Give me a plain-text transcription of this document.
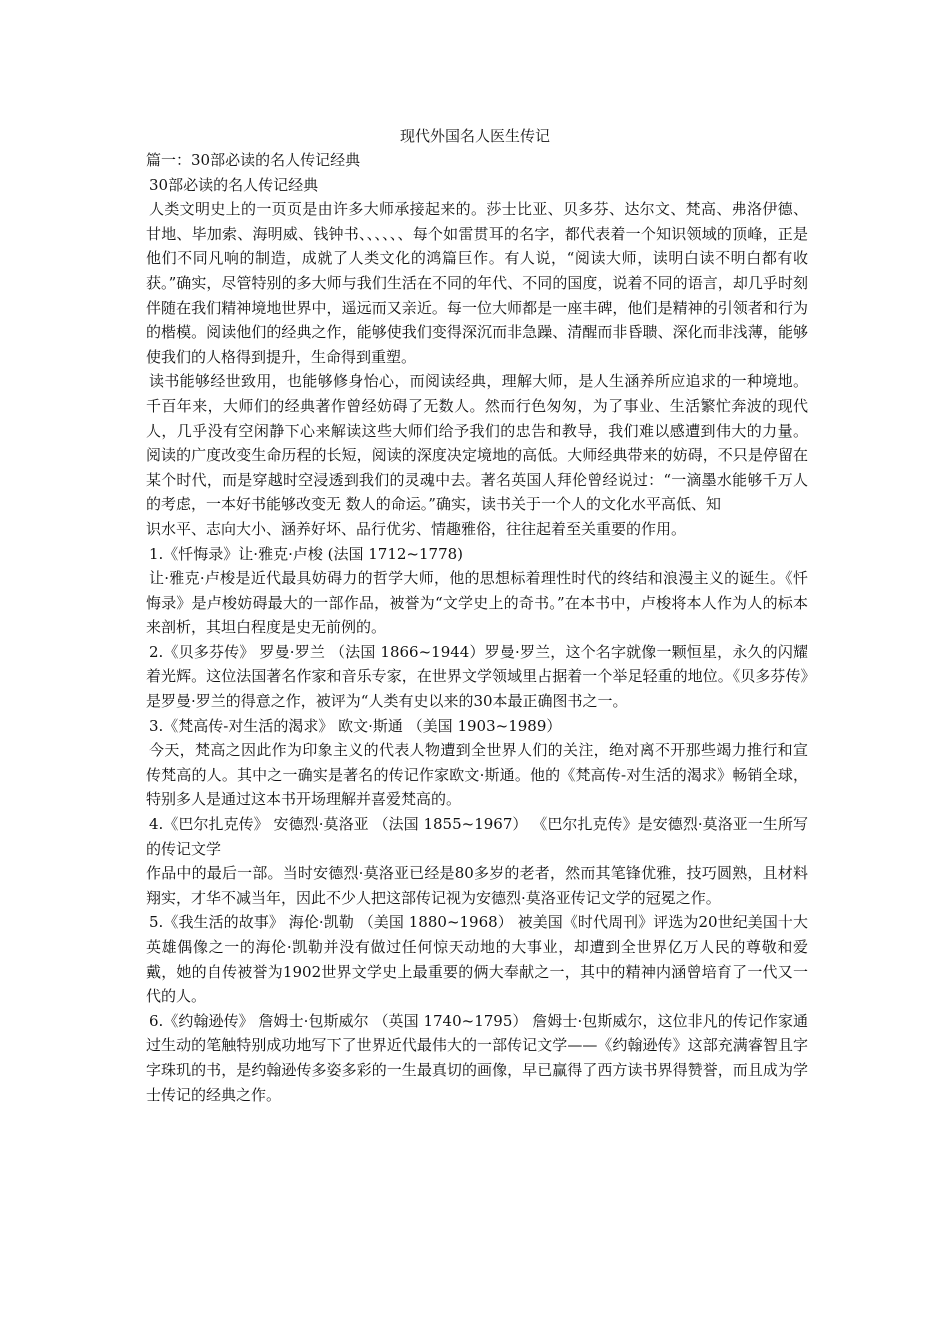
现代外国名人医生传记

篇一：30部必读的名人传记经典

30部必读的名人传记经典

人类文明史上的一页页是由许多大师承接起来的。莎士比亚、贝多芬、达尔文、梵高、弗洛伊德、甘地、毕加索、海明威、钱钟书、、、、、、每个如雷贯耳的名字，都代表着一个知识领域的顶峰，正是他们不同凡响的制造，成就了人类文化的鸿篇巨作。有人说，“阅读大师，读明白读不明白都有收获。”确实，尽管特别的多大师与我们生活在不同的年代、不同的国度，说着不同的语言，却几乎时刻伴随在我们精神境地世界中，遥远而又亲近。每一位大师都是一座丰碑，他们是精神的引领者和行为的楷模。阅读他们的经典之作，能够使我们变得深沉而非急躁、清醒而非昏聩、深化而非浅薄，能够使我们的人格得到提升，生命得到重塑。

读书能够经世致用，也能够修身怡心，而阅读经典，理解大师，是人生涵养所应追求的一种境地。千百年来，大师们的经典著作曾经妨碍了无数人。然而行色匆匆，为了事业、生活繁忙奔波的现代人，几乎没有空闲静下心来解读这些大师们给予我们的忠告和教导，我们难以感遭到伟大的力量。 阅读的广度改变生命历程的长短，阅读的深度决定境地的高低。大师经典带来的妨碍，不只是停留在某个时代，而是穿越时空浸透到我们的灵魂中去。著名英国人拜伦曾经说过：“一滴墨水能够千万人的考虑，一本好书能够改变无 数人的命运。”确实，读书关于一个人的文化水平高低、知

识水平、志向大小、涵养好坏、品行优劣、情趣雅俗，往往起着至关重要的作用。

1.《忏悔录》让·雅克·卢梭 (法国 1712~1778)

让·雅克·卢梭是近代最具妨碍力的哲学大师，他的思想标着理性时代的终结和浪漫主义的诞生。《忏悔录》是卢梭妨碍最大的一部作品，被誉为“文学史上的奇书。”在本书中，卢梭将本人作为人的标本来剖析，其坦白程度是史无前例的。

2.《贝多芬传》 罗曼·罗兰 （法国 1866~1944）罗曼·罗兰，这个名字就像一颗恒星，永久的闪耀着光辉。这位法国著名作家和音乐专家，在世界文学领域里占据着一个举足轻重的地位。《贝多芬传》是罗曼·罗兰的得意之作，被评为“人类有史以来的30本最正确图书之一。

3.《梵高传-对生活的渴求》 欧文·斯通 （美国 1903~1989）

今天，梵高之因此作为印象主义的代表人物遭到全世界人们的关注，绝对离不开那些竭力推行和宣传梵高的人。其中之一确实是著名的传记作家欧文·斯通。他的《梵高传-对生活的渴求》畅销全球，特别多人是通过这本书开场理解并喜爱梵高的。

4.《巴尔扎克传》 安德烈·莫洛亚 （法国 1855~1967） 《巴尔扎克传》是安德烈·莫洛亚一生所写的传记文学

作品中的最后一部。当时安德烈·莫洛亚已经是80多岁的老者，然而其笔锋优雅，技巧圆熟，且材料翔实，才华不减当年，因此不少人把这部传记视为安德烈·莫洛亚传记文学的冠冕之作。

5.《我生活的故事》 海伦·凯勒 （美国 1880~1968） 被美国《时代周刊》评选为20世纪美国十大英雄偶像之一的海伦·凯勒并没有做过任何惊天动地的大事业，却遭到全世界亿万人民的尊敬和爱戴，她的自传被誉为1902世界文学史上最重要的俩大奉献之一，其中的精神内涵曾培育了一代又一代的人。

6.《约翰逊传》 詹姆士·包斯威尔 （英国 1740~1795） 詹姆士·包斯威尔，这位非凡的传记作家通过生动的笔触特别成功地写下了世界近代最伟大的一部传记文学——《约翰逊传》这部充满睿智且字字珠玑的书，是约翰逊传多姿多彩的一生最真切的画像，早已赢得了西方读书界得赞誉，而且成为学士传记的经典之作。
